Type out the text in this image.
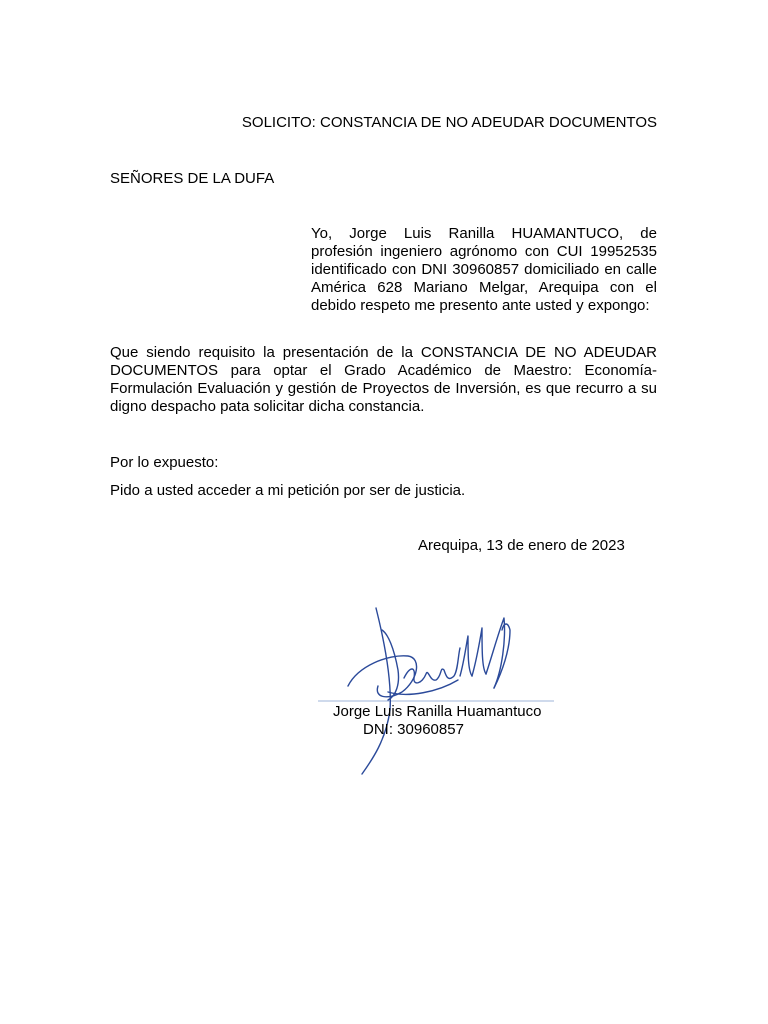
SOLICITO: CONSTANCIA DE NO ADEUDAR DOCUMENTOS
SEÑORES DE LA DUFA
Yo, Jorge Luis Ranilla HUAMANTUCO, de profesión ingeniero agrónomo con CUI 19952535 identificado con DNI 30960857 domiciliado en calle América 628 Mariano Melgar, Arequipa con el debido respeto me presento ante usted y expongo:
Que siendo requisito la presentación de la CONSTANCIA DE NO ADEUDAR DOCUMENTOS para optar el Grado Académico de Maestro: Economía-Formulación Evaluación y gestión de Proyectos de Inversión, es que recurro a su digno despacho pata solicitar dicha constancia.
Por lo expuesto:
Pido a usted acceder a mi petición por ser de justicia.
Arequipa, 13 de enero de 2023
Jorge Luis Ranilla Huamantuco
DNI: 30960857
